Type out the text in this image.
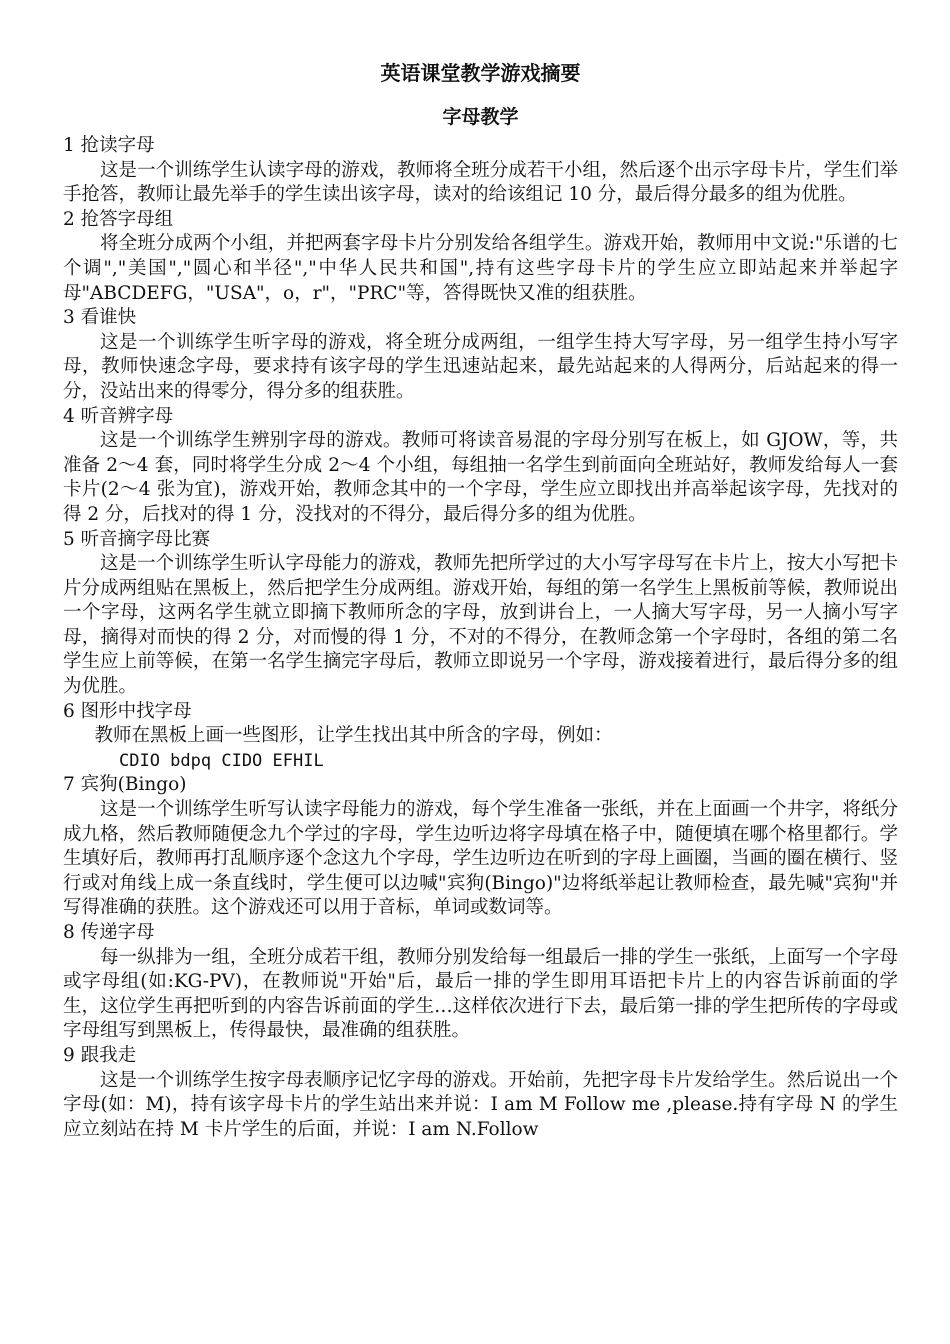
英语课堂教学游戏摘要
字母教学

1 抢读字母

这是一个训练学生认读字母的游戏，教师将全班分成若干小组，然后逐个出示字母卡片，学生们举手抢答，教师让最先举手的学生读出该字母，读对的给该组记 10 分，最后得分最多的组为优胜。

2 抢答字母组

将全班分成两个小组，并把两套字母卡片分别发给各组学生。游戏开始，教师用中文说:"乐谱的七个调","美国","圆心和半径","中华人民共和国",持有这些字母卡片的学生应立即站起来并举起字母"ABCDEFG，"USA"，o，r"，"PRC"等，答得既快又准的组获胜。

3 看谁快

这是一个训练学生听字母的游戏，将全班分成两组，一组学生持大写字母，另一组学生持小写字母，教师快速念字母，要求持有该字母的学生迅速站起来，最先站起来的人得两分，后站起来的得一分，没站出来的得零分，得分多的组获胜。

4 听音辨字母

这是一个训练学生辨别字母的游戏。教师可将读音易混的字母分别写在板上，如 GJOW，等，共准备 2～4 套，同时将学生分成 2～4 个小组，每组抽一名学生到前面向全班站好，教师发给每人一套卡片(2～4 张为宜)，游戏开始，教师念其中的一个字母，学生应立即找出并高举起该字母，先找对的得 2 分，后找对的得 1 分，没找对的不得分，最后得分多的组为优胜。

5 听音摘字母比赛

这是一个训练学生听认字母能力的游戏，教师先把所学过的大小写字母写在卡片上，按大小写把卡片分成两组贴在黑板上，然后把学生分成两组。游戏开始，每组的第一名学生上黑板前等候，教师说出一个字母，这两名学生就立即摘下教师所念的字母，放到讲台上，一人摘大写字母，另一人摘小写字母，摘得对而快的得 2 分，对而慢的得 1 分，不对的不得分，在教师念第一个字母时，各组的第二名学生应上前等候，在第一名学生摘完字母后，教师立即说另一个字母，游戏接着进行，最后得分多的组为优胜。

6 图形中找字母

教师在黑板上画一些图形，让学生找出其中所含的字母，例如：

CDIO bdpq CIDO EFHIL

7 宾狗(Bingo)

这是一个训练学生听写认读字母能力的游戏，每个学生准备一张纸，并在上面画一个井字，将纸分成九格，然后教师随便念九个学过的字母，学生边听边将字母填在格子中，随便填在哪个格里都行。学生填好后，教师再打乱顺序逐个念这九个字母，学生边听边在听到的字母上画圈，当画的圈在横行、竖行或对角线上成一条直线时，学生便可以边喊"宾狗(Bingo)"边将纸举起让教师检查，最先喊"宾狗"并写得准确的获胜。这个游戏还可以用于音标，单词或数词等。

8 传递字母

每一纵排为一组，全班分成若干组，教师分别发给每一组最后一排的学生一张纸，上面写一个字母或字母组(如:KG-PV)，在教师说"开始"后，最后一排的学生即用耳语把卡片上的内容告诉前面的学生，这位学生再把听到的内容告诉前面的学生…这样依次进行下去，最后第一排的学生把所传的字母或字母组写到黑板上，传得最快，最准确的组获胜。

9 跟我走

这是一个训练学生按字母表顺序记忆字母的游戏。开始前，先把字母卡片发给学生。然后说出一个字母(如：M)，持有该字母卡片的学生站出来并说：I am M Follow me ,please.持有字母 N 的学生应立刻站在持 M 卡片学生的后面，并说：I am N.Follow
